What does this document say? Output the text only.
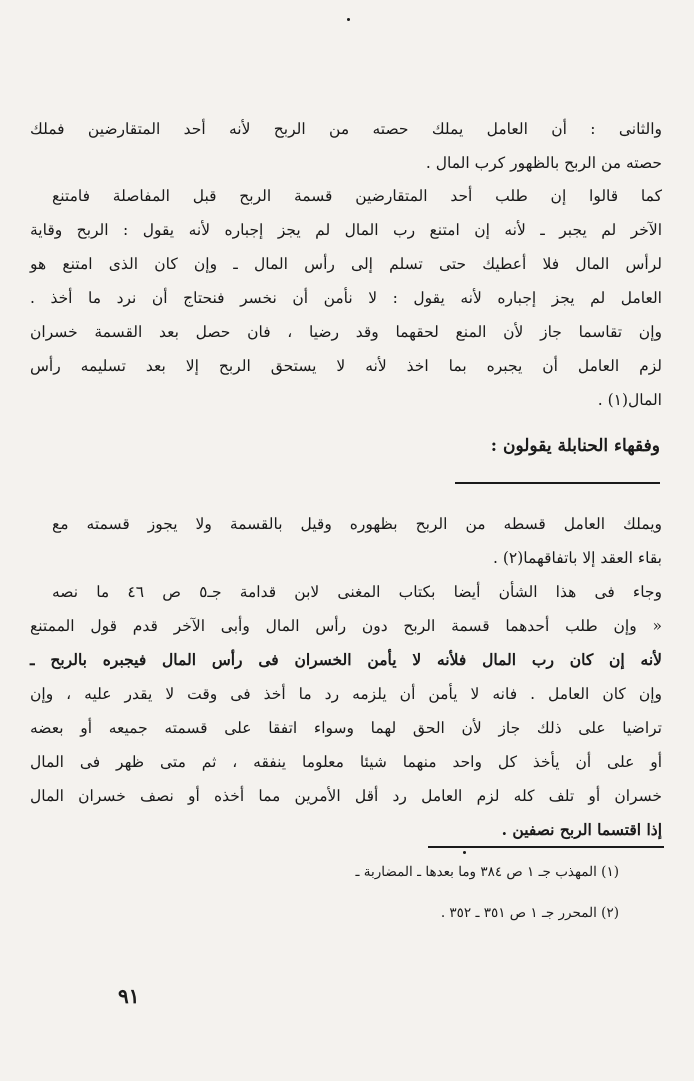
والثانى : أن العامل يملك حصته من الربح لأنه أحد المتقارضين فملك
حصته من الربح بالظهور كرب المال .
كما قالوا إن طلب أحد المتقارضين قسمة الربح قبل المفاصلة فامتنع
الآخر لم يجبر ـ لأنه إن امتنع رب المال لم يجز إجباره لأنه يقول : الربح وقاية
لرأس المال فلا أعطيك حتى تسلم إلى رأس المال ـ وإن كان الذى امتنع هو
العامل لم يجز إجباره لأنه يقول : لا نأمن أن نخسر فنحتاج أن نرد ما أخذ .
وإن تقاسما جاز لأن المنع لحقهما وقد رضيا ، فان حصل بعد القسمة خسران
لزم العامل أن يجبره بما اخذ لأنه لا يستحق الربح إلا بعد تسليمه رأس
المال(١) .
وفقهاء الحنابلة يقولون :
ويملك العامل قسطه من الربح بظهوره وقيل بالقسمة ولا يجوز قسمته مع
بقاء العقد إلا باتفاقهما(٢) .
وجاء فى هذا الشأن أيضا بكتاب المغنى لابن قدامة جـ٥ ص ٤٦ ما نصه
« وإن طلب أحدهما قسمة الربح دون رأس المال وأبى الآخر قدم قول الممتنع
لأنه إن كان رب المال فلأنه لا يأمن الخسران فى رأس المال فيجبره بالربح ـ
وإن كان العامل . فانه لا يأمن أن يلزمه رد ما أخذ فى وقت لا يقدر عليه ، وإن
تراضيا على ذلك جاز لأن الحق لهما وسواء اتفقا على قسمته جميعه أو بعضه
أو على أن يأخذ كل واحد منهما شيئا معلوما ينفقه ، ثم متى ظهر فى المال
خسران أو تلف كله لزم العامل رد أقل الأمرين مما أخذه أو نصف خسران المال
إذا اقتسما الربح نصفين .
(١) المهذب جـ ١ ص ٣٨٤ وما بعدها ـ المضاربة ـ
(٢) المحرر جـ ١ ص ٣٥١ ـ ٣٥٢ .
٩١
